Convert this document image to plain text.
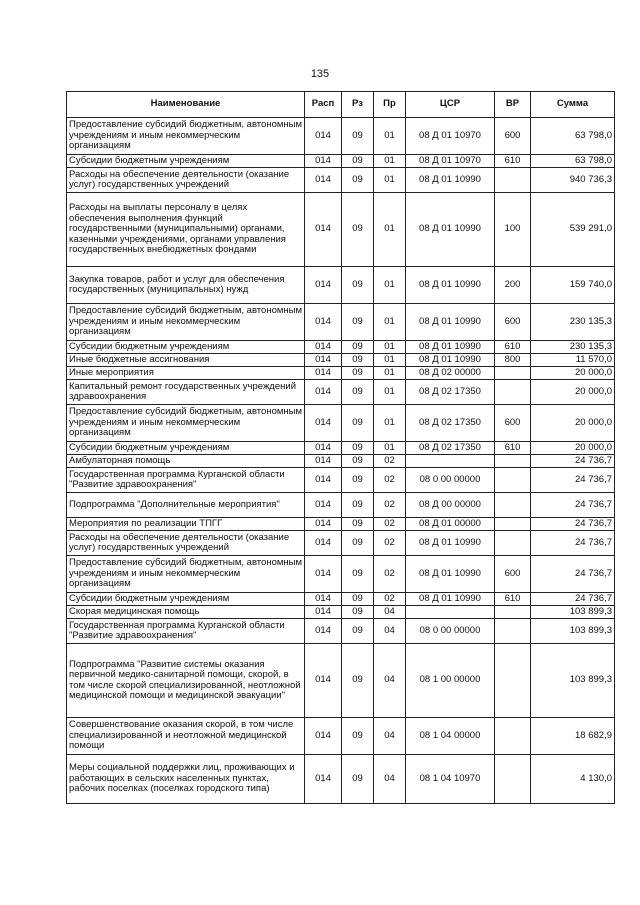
135
Наименование	Расп	Рз	Пр	ЦСР	ВР	Сумма
Предоставление субсидий бюджетным, автономным учреждениям и иным некоммерческим организациям	014	09	01	08 Д 01 10970	600	63 798,0
Субсидии бюджетным учреждениям	014	09	01	08 Д 01 10970	610	63 798,0
Расходы на обеспечение деятельности (оказание услуг) государственных учреждений	014	09	01	08 Д 01 10990		940 736,3
Расходы на выплаты персоналу в целях обеспечения выполнения функций государственными (муниципальными) органами, казенными учреждениями, органами управления государственных внебюджетных фондами	014	09	01	08 Д 01 10990	100	539 291,0
Закупка товаров, работ и услуг для обеспечения государственных (муниципальных) нужд	014	09	01	08 Д 01 10990	200	159 740,0
Предоставление субсидий бюджетным, автономным учреждениям и иным некоммерческим организациям	014	09	01	08 Д 01 10990	600	230 135,3
Субсидии бюджетным учреждениям	014	09	01	08 Д 01 10990	610	230 135,3
Иные бюджетные ассигнования	014	09	01	08 Д 01 10990	800	11 570,0
Иные мероприятия	014	09	01	08 Д 02 00000		20 000,0
Капитальный ремонт государственных учреждений здравоохранения	014	09	01	08 Д 02 17350		20 000,0
Предоставление субсидий бюджетным, автономным учреждениям и иным некоммерческим организациям	014	09	01	08 Д 02 17350	600	20 000,0
Субсидии бюджетным учреждениям	014	09	01	08 Д 02 17350	610	20 000,0
Амбулаторная помощь	014	09	02			24 736,7
Государственная программа Курганской области "Развитие здравоохранения"	014	09	02	08 0 00 00000		24 736,7
Подпрограмма "Дополнительные мероприятия"	014	09	02	08 Д 00 00000		24 736,7
Мероприятия по реализации ТПГГ	014	09	02	08 Д 01 00000		24 736,7
Расходы на обеспечение деятельности (оказание услуг) государственных учреждений	014	09	02	08 Д 01 10990		24 736,7
Предоставление субсидий бюджетным, автономным учреждениям и иным некоммерческим организациям	014	09	02	08 Д 01 10990	600	24 736,7
Субсидии бюджетным учреждениям	014	09	02	08 Д 01 10990	610	24 736,7
Скорая медицинская помощь	014	09	04			103 899,3
Государственная программа Курганской области "Развитие здравоохранения"	014	09	04	08 0 00 00000		103 899,3
Подпрограмма "Развитие системы оказания первичной медико-санитарной помощи, скорой, в том числе скорой специализированной, неотложной медицинской помощи и медицинской эвакуации"	014	09	04	08 1 00 00000		103 899,3
Совершенствование оказания скорой, в том числе специализированной и неотложной медицинской помощи	014	09	04	08 1 04 00000		18 682,9
Меры социальной поддержки лиц, проживающих и работающих в сельских населенных пунктах, рабочих поселках (поселках городского типа)	014	09	04	08 1 04 10970		4 130,0
